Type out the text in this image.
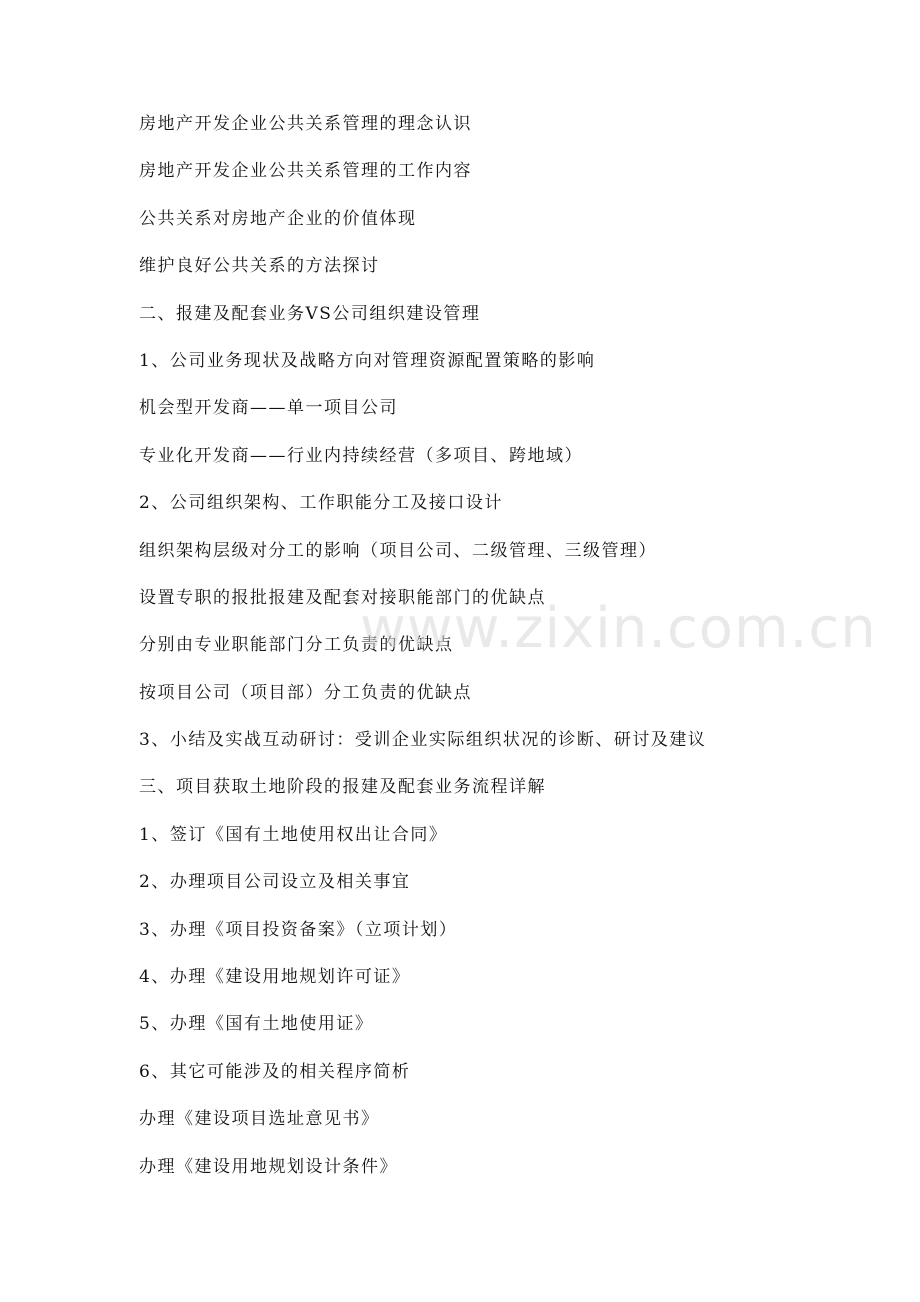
房地产开发企业公共关系管理的理念认识
房地产开发企业公共关系管理的工作内容
公共关系对房地产企业的价值体现
维护良好公共关系的方法探讨
二、报建及配套业务VS公司组织建设管理
1、公司业务现状及战略方向对管理资源配置策略的影响
机会型开发商——单一项目公司
专业化开发商——行业内持续经营（多项目、跨地域）
2、公司组织架构、工作职能分工及接口设计
组织架构层级对分工的影响（项目公司、二级管理、三级管理）
设置专职的报批报建及配套对接职能部门的优缺点
分别由专业职能部门分工负责的优缺点
按项目公司（项目部）分工负责的优缺点
3、小结及实战互动研讨：受训企业实际组织状况的诊断、研讨及建议
三、项目获取土地阶段的报建及配套业务流程详解
1、签订《国有土地使用权出让合同》
2、办理项目公司设立及相关事宜
3、办理《项目投资备案》（立项计划）
4、办理《建设用地规划许可证》
5、办理《国有土地使用证》
6、其它可能涉及的相关程序简析
办理《建设项目选址意见书》
办理《建设用地规划设计条件》
www.zixin.com.cn
